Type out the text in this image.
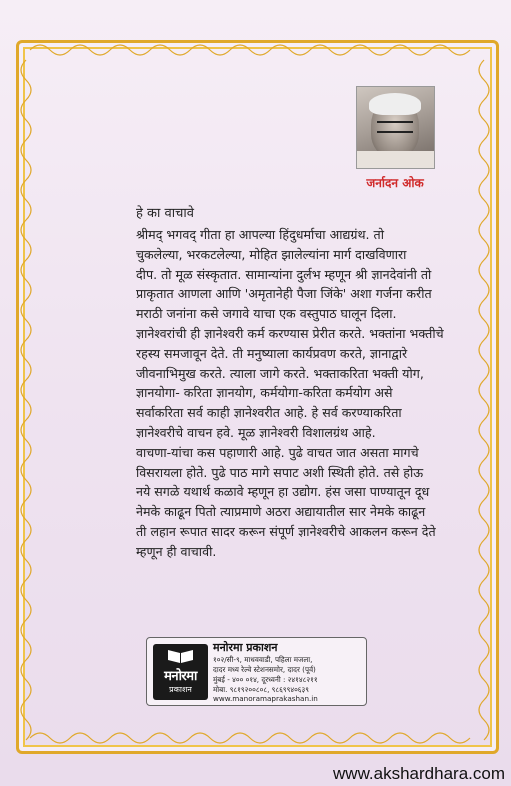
जर्नादन ओक
हे का वाचावे

श्रीमद् भगवद् गीता हा आपल्या हिंदुधर्माचा आद्यग्रंथ. तो

चुकलेल्या, भरकटलेल्या, मोहित झालेल्यांना मार्ग दाखविणारा

दीप. तो मूळ संस्कृतात. सामान्यांना दुर्लभ म्हणून श्री ज्ञानदेवांनी तो

प्राकृतात आणला आणि 'अमृतानेही पैजा जिंके' अशा गर्जना करीत

मराठी जनांना कसे जगावे याचा एक वस्तुपाठ घालून दिला.

ज्ञानेश्वरांची ही ज्ञानेश्वरी कर्म करण्यास प्रेरीत करते. भक्तांना भक्तीचे

रहस्य समजावून देते. ती मनुष्याला कार्यप्रवण करते, ज्ञानाद्वारे

जीवनाभिमुख करते. त्याला जागे करते. भक्ताकरिता भक्ती योग,

ज्ञानयोगा- करिता ज्ञानयोग, कर्मयोगा-करिता कर्मयोग असे

सर्वाकरिता सर्व काही ज्ञानेश्वरीत आहे. हे सर्व करण्याकरिता

ज्ञानेश्वरीचे वाचन हवे. मूळ ज्ञानेश्वरी विशालग्रंथ आहे.

वाचणा-यांचा कस पहाणारी आहे. पुढे वाचत जात असता मागचे

विसरायला होते. पुढे पाठ मागे सपाट अशी स्थिती होते. तसे होऊ

नये सगळे यथार्थ कळावे म्हणून हा उद्योग. हंस जसा पाण्यातून दूध

नेमके काढून पितो त्याप्रमाणे अठरा अद्यायातील सार नेमके काढून

ती लहान रूपात सादर करून संपूर्ण ज्ञानेश्वरीचे आकलन करून देते

म्हणून ही वाचावी.

मनोरमा
प्रकाशन
मनोरमा प्रकाशन
१०२/सी-९, माधववाडी, पहिला मजला,
दादर मध्य रेल्वे स्टेशनसमोर, दादर (पूर्व)
मुंबई - ४०० ०१४, दूरध्वनी : २४१४८२११
मोबा. ९८१९२००८०८, ९८६९९४०६३९
www.manoramaprakashan.in
www.akshardhara.com
